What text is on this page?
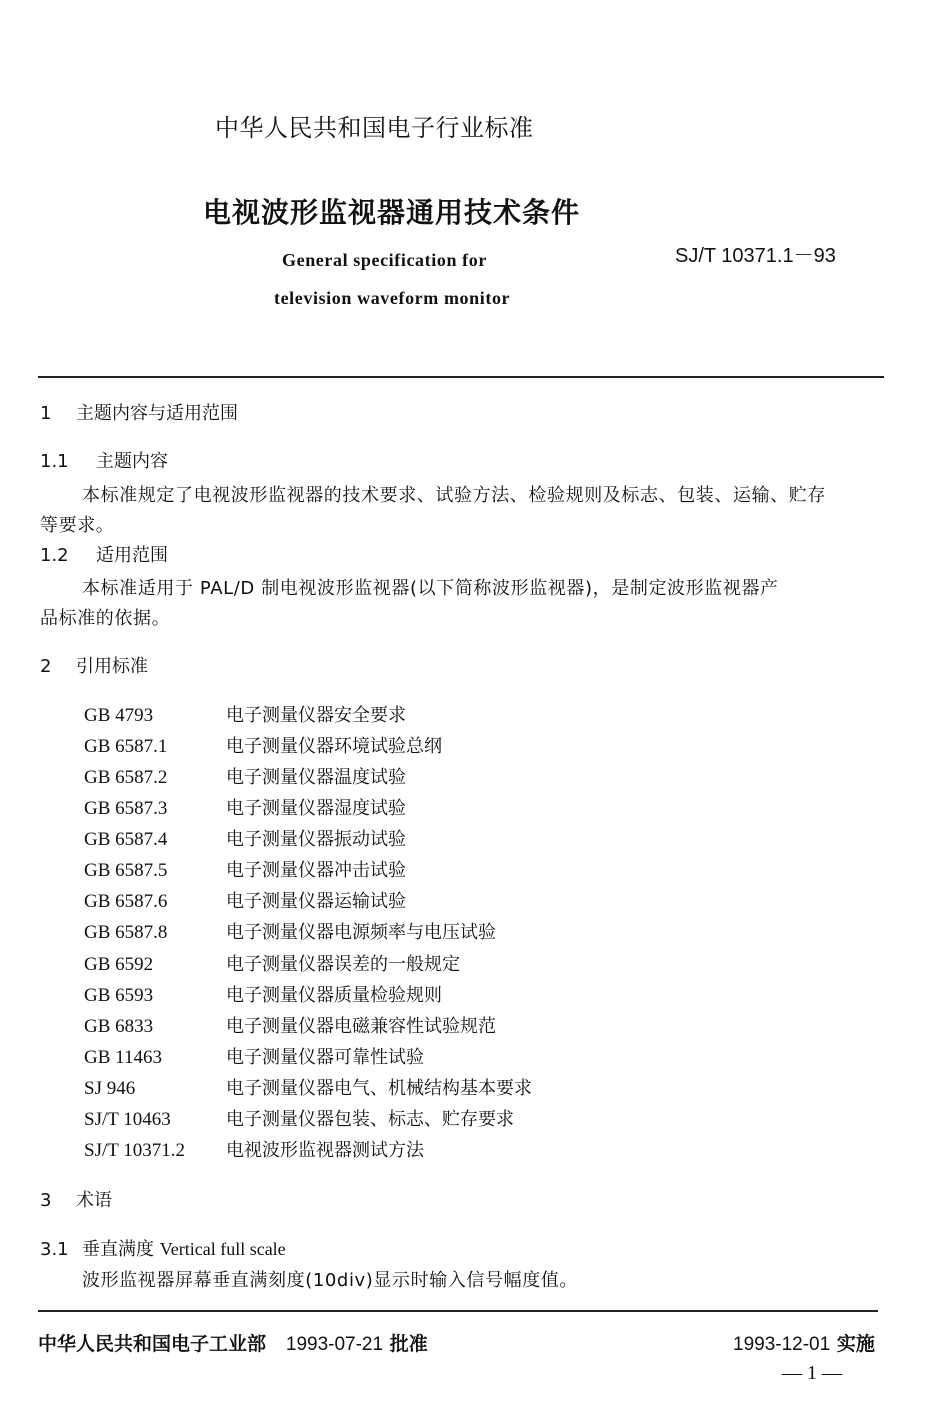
中华人民共和国电子行业标准
电视波形监视器通用技术条件
SJ/T 10371.1－93
General specification for
television waveform monitor
1 主题内容与适用范围
1.1 主题内容
本标准规定了电视波形监视器的技术要求、试验方法、检验规则及标志、包装、运输、贮存
等要求。
1.2 适用范围
本标准适用于 PAL/D 制电视波形监视器(以下简称波形监视器)，是制定波形监视器产
品标准的依据。
2 引用标准
GB 4793	电子测量仪器安全要求
GB 6587.1	电子测量仪器环境试验总纲
GB 6587.2	电子测量仪器温度试验
GB 6587.3	电子测量仪器湿度试验
GB 6587.4	电子测量仪器振动试验
GB 6587.5	电子测量仪器冲击试验
GB 6587.6	电子测量仪器运输试验
GB 6587.8	电子测量仪器电源频率与电压试验
GB 6592	电子测量仪器误差的一般规定
GB 6593	电子测量仪器质量检验规则
GB 6833	电子测量仪器电磁兼容性试验规范
GB 11463	电子测量仪器可靠性试验
SJ 946	电子测量仪器电气、机械结构基本要求
SJ/T 10463	电子测量仪器包装、标志、贮存要求
SJ/T 10371.2 电视波形监视器测试方法
3 术语
3.1 垂直满度 Vertical full scale
波形监视器屏幕垂直满刻度(10div)显示时输入信号幅度值。
中华人民共和国电子工业部 1993-07-21 批准	1993-12-01 实施
— 1 —
